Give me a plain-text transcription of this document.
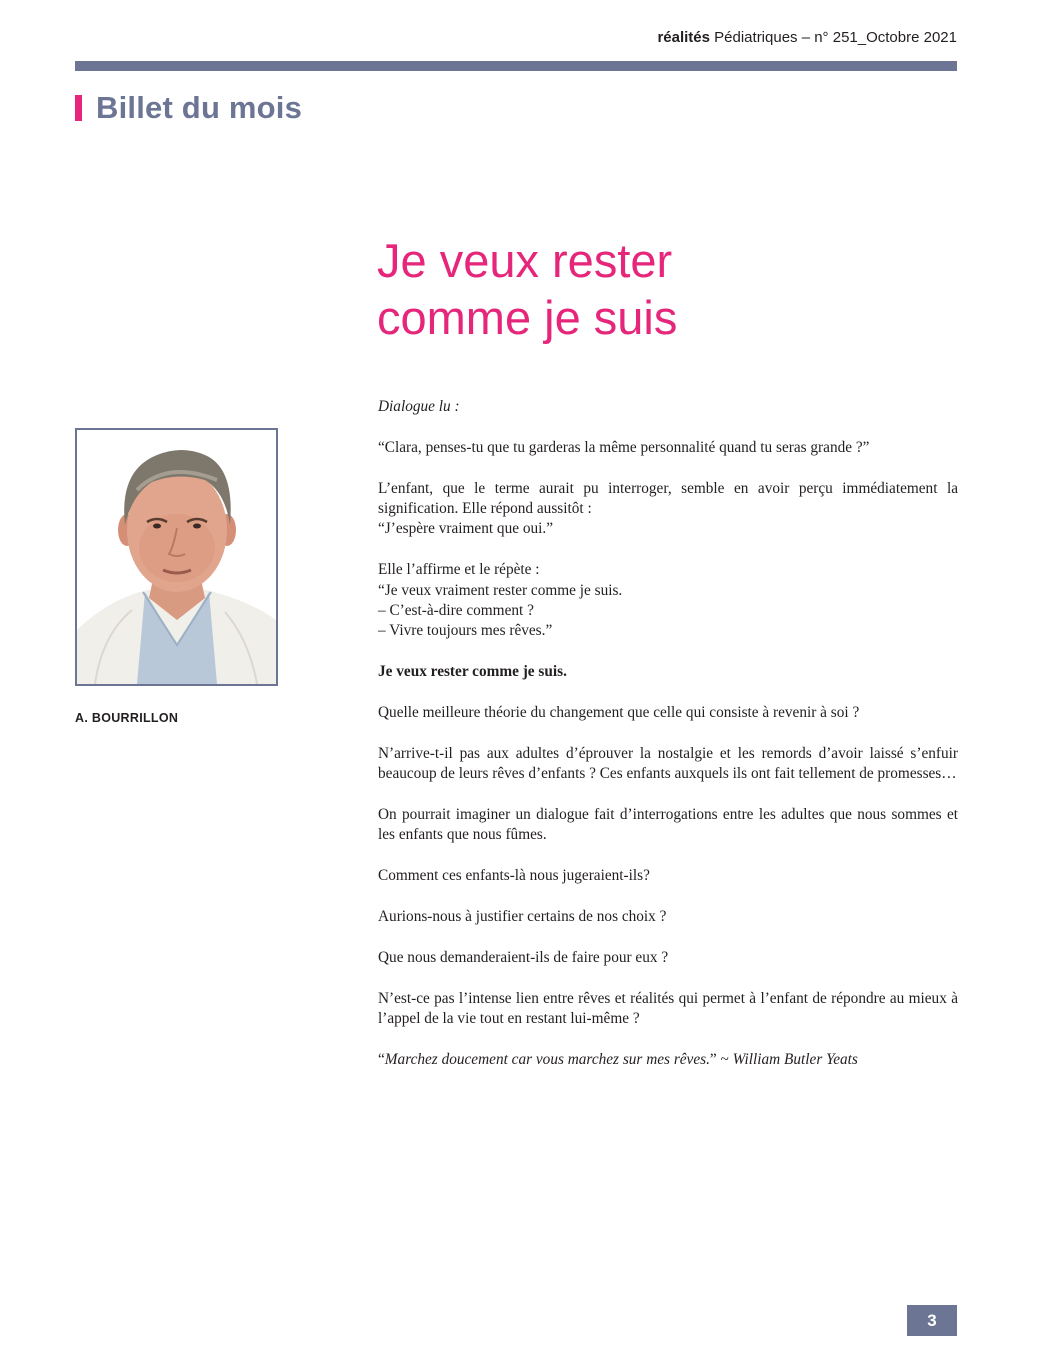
réalités Pédiatriques – n° 251_Octobre 2021
Billet du mois
Je veux rester
comme je suis
A. BOURRILLON

Dialogue lu :

“Clara, penses-tu que tu garderas la même personnalité quand tu seras grande ?”

L’enfant, que le terme aurait pu interroger, semble en avoir perçu immédiatement la signification. Elle répond aussitôt :
“J’espère vraiment que oui.”

Elle l’affirme et le répète :
“Je veux vraiment rester comme je suis.
– C’est-à-dire comment ?
– Vivre toujours mes rêves.”

Je veux rester comme je suis.

Quelle meilleure théorie du changement que celle qui consiste à revenir à soi ?

N’arrive-t-il pas aux adultes d’éprouver la nostalgie et les remords d’avoir laissé s’enfuir beaucoup de leurs rêves d’enfants ? Ces enfants auxquels ils ont fait tellement de promesses…

On pourrait imaginer un dialogue fait d’interrogations entre les adultes que nous sommes et les enfants que nous fûmes.

Comment ces enfants-là nous jugeraient-ils?

Aurions-nous à justifier certains de nos choix ?

Que nous demanderaient-ils de faire pour eux ?

N’est-ce pas l’intense lien entre rêves et réalités qui permet à l’enfant de répondre au mieux à l’appel de la vie tout en restant lui-même ?

“Marchez doucement car vous marchez sur mes rêves.” ~ William Butler Yeats

3
